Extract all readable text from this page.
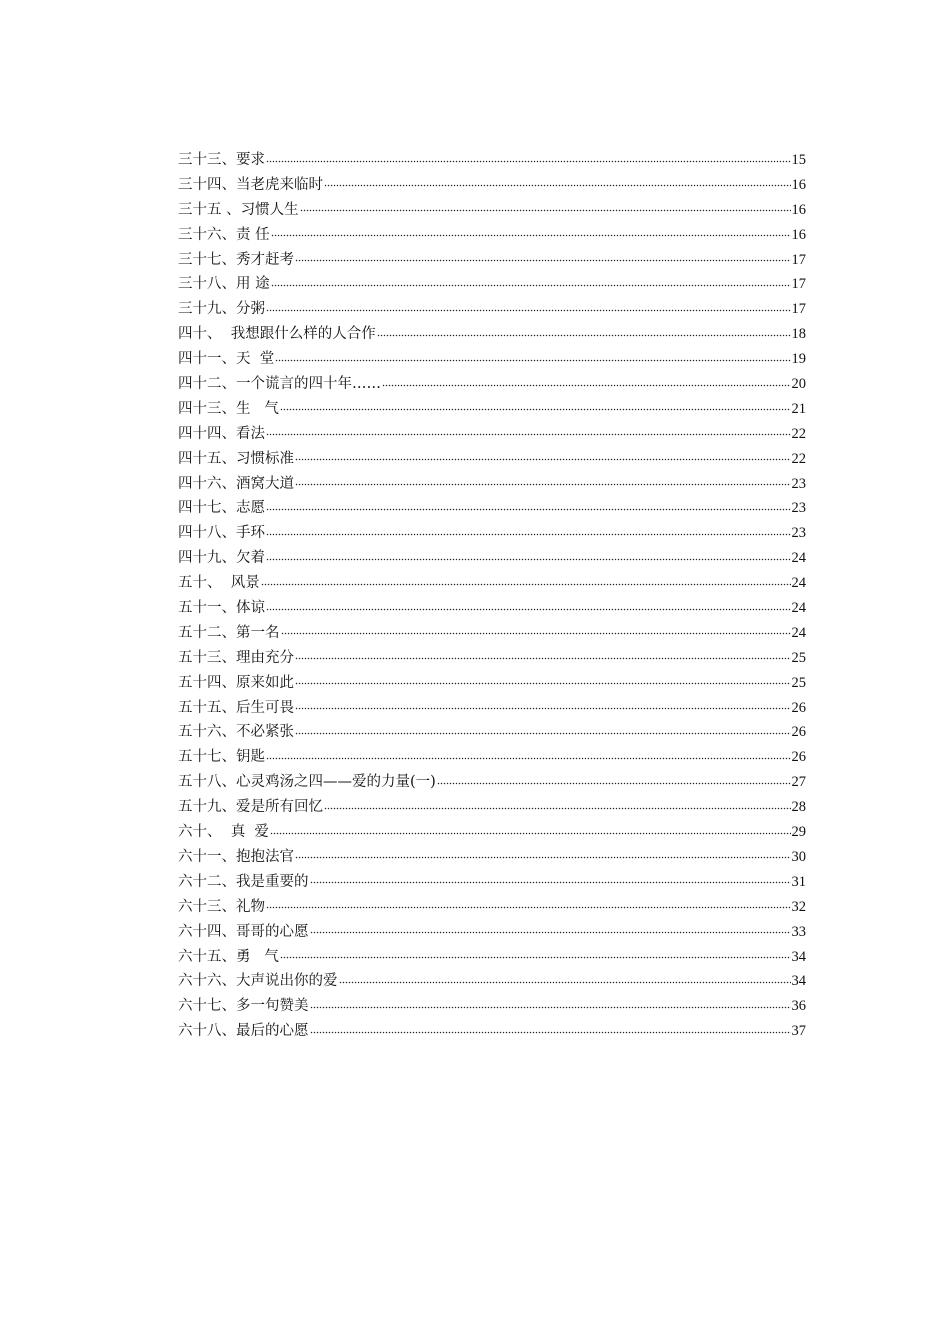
三十三、要求	15
三十四、当老虎来临时	16
三十五 、习惯人生	16
三十六、责 任	16
三十七、秀才赶考	17
三十八、用 途	17
三十九、分粥	17
四十、  我想跟什么样的人合作	18
四十一、天  堂	19
四十二、一个谎言的四十年……	20
四十三、生   气	21
四十四、看法	22
四十五、习惯标准	22
四十六、酒窝大道	23
四十七、志愿	23
四十八、手环	23
四十九、欠着	24
五十、  风景	24
五十一、体谅	24
五十二、第一名	24
五十三、理由充分	25
五十四、原来如此	25
五十五、后生可畏	26
五十六、不必紧张	26
五十七、钥匙	26
五十八、心灵鸡汤之四——爱的力量(一)	27
五十九、爱是所有回忆	28
六十、  真  爱	29
六十一、抱抱法官	30
六十二、我是重要的	31
六十三、礼物	32
六十四、哥哥的心愿	33
六十五、勇   气	34
六十六、大声说出你的爱	34
六十七、多一句赞美	36
六十八、最后的心愿	37
